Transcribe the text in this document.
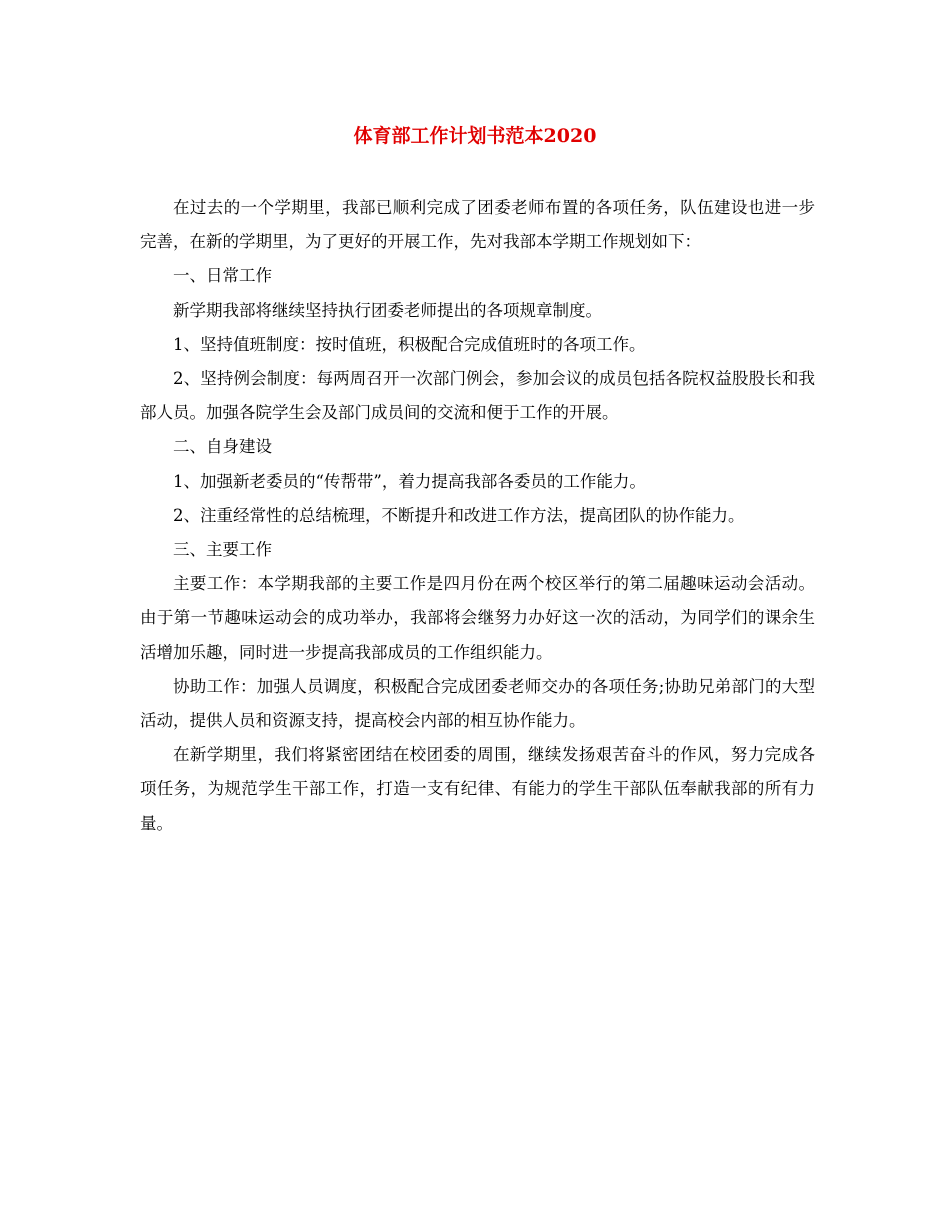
体育部工作计划书范本2020

在过去的一个学期里，我部已顺利完成了团委老师布置的各项任务，队伍建设也进一步完善，在新的学期里，为了更好的开展工作，先对我部本学期工作规划如下：

一、日常工作

新学期我部将继续坚持执行团委老师提出的各项规章制度。

1、坚持值班制度：按时值班，积极配合完成值班时的各项工作。

2、坚持例会制度：每两周召开一次部门例会，参加会议的成员包括各院权益股股长和我部人员。加强各院学生会及部门成员间的交流和便于工作的开展。

二、自身建设

1、加强新老委员的“传帮带”，着力提高我部各委员的工作能力。

2、注重经常性的总结梳理，不断提升和改进工作方法，提高团队的协作能力。

三、主要工作

主要工作：本学期我部的主要工作是四月份在两个校区举行的第二届趣味运动会活动。由于第一节趣味运动会的成功举办，我部将会继努力办好这一次的活动，为同学们的课余生活增加乐趣，同时进一步提高我部成员的工作组织能力。

协助工作：加强人员调度，积极配合完成团委老师交办的各项任务;协助兄弟部门的大型活动，提供人员和资源支持，提高校会内部的相互协作能力。

在新学期里，我们将紧密团结在校团委的周围，继续发扬艰苦奋斗的作风，努力完成各项任务，为规范学生干部工作，打造一支有纪律、有能力的学生干部队伍奉献我部的所有力量。
